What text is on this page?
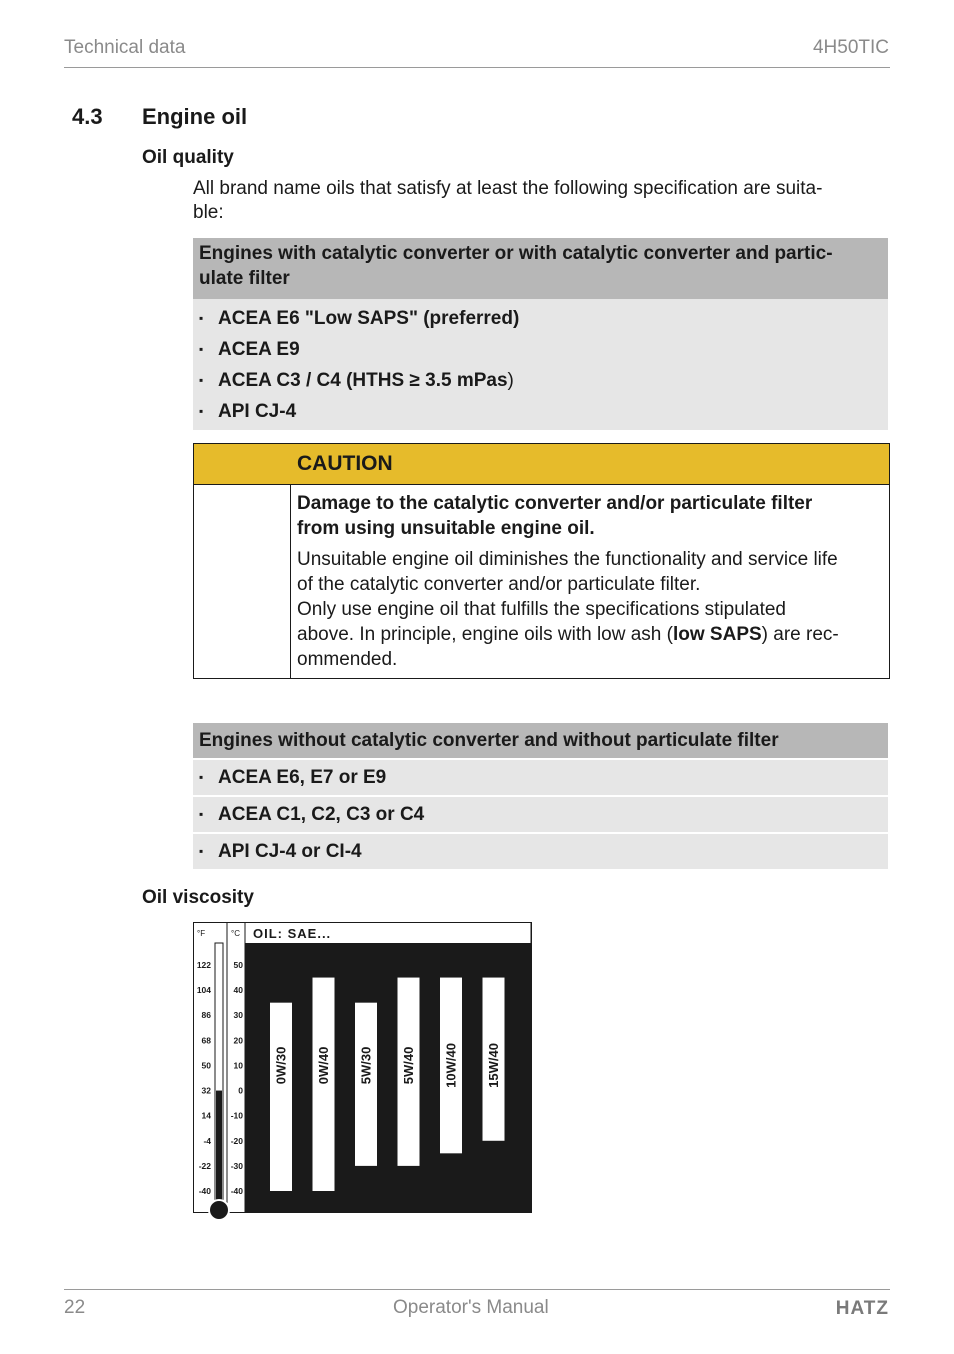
Technical data	4H50TIC
4.3 Engine oil
Oil quality
All brand name oils that satisfy at least the following specification are suita-
ble:
Engines with catalytic converter or with catalytic converter and partic-
ulate filter
▪ ACEA E6 "Low SAPS" (preferred)
▪ ACEA E9
▪ ACEA C3 / C4 (HTHS ≥ 3.5 mPas)
▪ API CJ-4
CAUTION
Damage to the catalytic converter and/or particulate filter
from using unsuitable engine oil.
Unsuitable engine oil diminishes the functionality and service life
of the catalytic converter and/or particulate filter.
Only use engine oil that fulfills the specifications stipulated
above. In principle, engine oils with low ash (low SAPS) are rec-
ommended.
Engines without catalytic converter and without particulate filter
▪ ACEA E6, E7 or E9
▪ ACEA C1, C2, C3 or C4
▪ API CJ-4 or CI-4
Oil viscosity
OIL: SAE...
°F	°C
122
104
86
68
50
32
14
-4
-22
-40
50
40
30
20
10
0
-10
-20
-30
-40
0W/30 0W/40 5W/30 5W/40 10W/40 15W/40
22	Operator's Manual	HATZ
